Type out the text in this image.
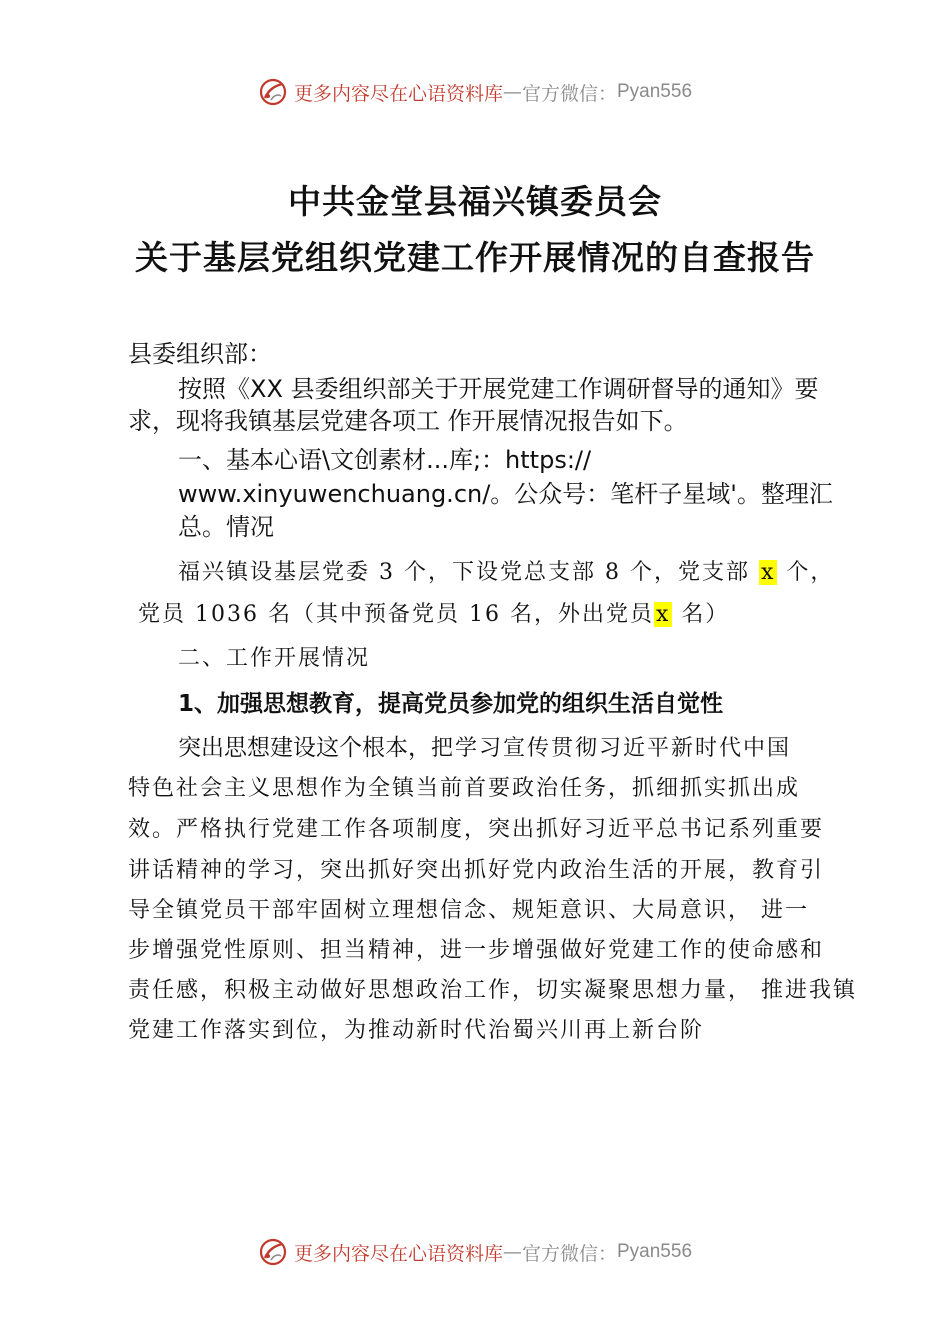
更多内容尽在心语资料库 — 官方微信： Pyan556
中共金堂县福兴镇委员会
关于基层党组织党建工作开展情况的自查报告
县委组织部：
按照《XX 县委组织部关于开展党建工作调研督导的通知》要
求，现将我镇基层党建各项工 作开展情况报告如下。
一、基本心语\文创素材...库;：https://
www.xinyuwenchuang.cn/。公众号：笔杆子星域'。整理汇
总。情况
福兴镇设基层党委 3 个，下设党总支部 8 个，党支部 x 个，
党员 1036 名（其中预备党员 16 名，外出党员x 名）
二、工作开展情况
1、加强思想教育，提高党员参加党的组织生活自觉性
突出思想建设这个根本，把学习宣传贯彻习近平新时代中国
特色社会主义思想作为全镇当前首要政治任务，抓细抓实抓出成
效。严格执行党建工作各项制度，突出抓好习近平总书记系列重要
讲话精神的学习，突出抓好突出抓好党内政治生活的开展，教育引
导全镇党员干部牢固树立理想信念、规矩意识、大局意识， 进一
步增强党性原则、担当精神，进一步增强做好党建工作的使命感和
责任感，积极主动做好思想政治工作，切实凝聚思想力量， 推进我镇
党建工作落实到位，为推动新时代治蜀兴川再上新台阶
更多内容尽在心语资料库 — 官方微信： Pyan556
